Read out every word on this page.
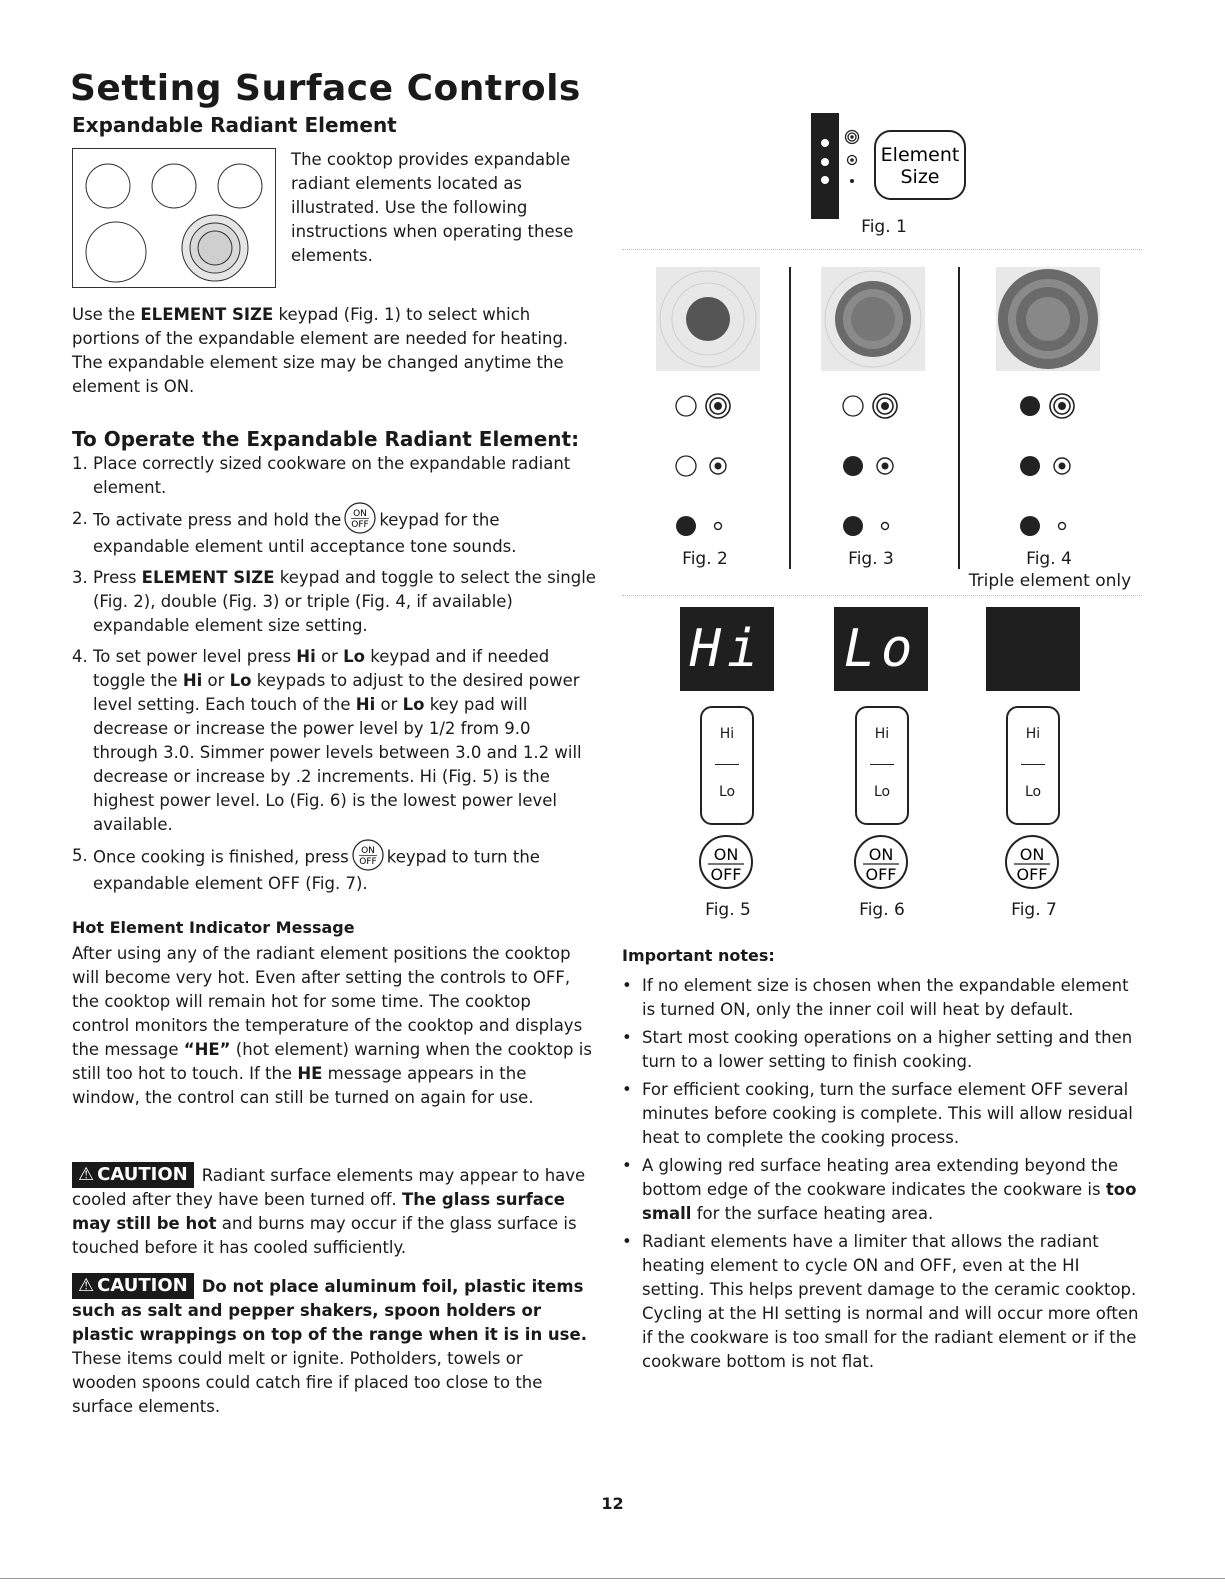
Setting Surface Controls
Expandable Radiant Element
The cooktop provides expandable radiant elements located as illustrated. Use the following instructions when operating these elements.
Use the ELEMENT SIZE keypad (Fig. 1) to select which portions of the expandable element are needed for heating. The expandable element size may be changed anytime the element is ON.
To Operate the Expandable Radiant Element:
1. Place correctly sized cookware on the expandable radiant element.
2. To activate press and hold the ON
OFF keypad for the expandable element until acceptance tone sounds.
3. Press ELEMENT SIZE keypad and toggle to select the single (Fig. 2), double (Fig. 3) or triple (Fig. 4, if available) expandable element size setting.
4. To set power level press Hi or Lo keypad and if needed toggle the Hi or Lo keypads to adjust to the desired power level setting. Each touch of the Hi or Lo key pad will decrease or increase the power level by 1/2 from 9.0 through 3.0. Simmer power levels between 3.0 and 1.2 will decrease or increase by .2 increments. Hi (Fig. 5) is the highest power level. Lo (Fig. 6) is the lowest power level available.
5. Once cooking is finished, press ON
OFF keypad to turn the expandable element OFF (Fig. 7).
Hot Element Indicator Message
After using any of the radiant element positions the cooktop will become very hot. Even after setting the controls to OFF, the cooktop will remain hot for some time. The cooktop control monitors the temperature of the cooktop and displays the message “HE” (hot element) warning when the cooktop is still too hot to touch. If the HE message appears in the window, the control can still be turned on again for use.
⚠ CAUTION Radiant surface elements may appear to have cooled after they have been turned off. The glass surface may still be hot and burns may occur if the glass surface is touched before it has cooled sufficiently.
⚠ CAUTION Do not place aluminum foil, plastic items such as salt and pepper shakers, spoon holders or plastic wrappings on top of the range when it is in use. These items could melt or ignite. Potholders, towels or wooden spoons could catch fire if placed too close to the surface elements.
Element
Size
Fig. 1
Fig. 2	Fig. 3	Fig. 4
Triple element only
Hi Lo
Hi
Lo
Hi
Lo
Hi
Lo
ON
OFF
ON
OFF
ON
OFF
Fig. 5	Fig. 6	Fig. 7
Important notes:
• If no element size is chosen when the expandable element is turned ON, only the inner coil will heat by default.
• Start most cooking operations on a higher setting and then turn to a lower setting to finish cooking.
• For efficient cooking, turn the surface element OFF several minutes before cooking is complete. This will allow residual heat to complete the cooking process.
• A glowing red surface heating area extending beyond the bottom edge of the cookware indicates the cookware is too small for the surface heating area.
• Radiant elements have a limiter that allows the radiant heating element to cycle ON and OFF, even at the HI setting. This helps prevent damage to the ceramic cooktop. Cycling at the HI setting is normal and will occur more often if the cookware is too small for the radiant element or if the cookware bottom is not flat.
12
